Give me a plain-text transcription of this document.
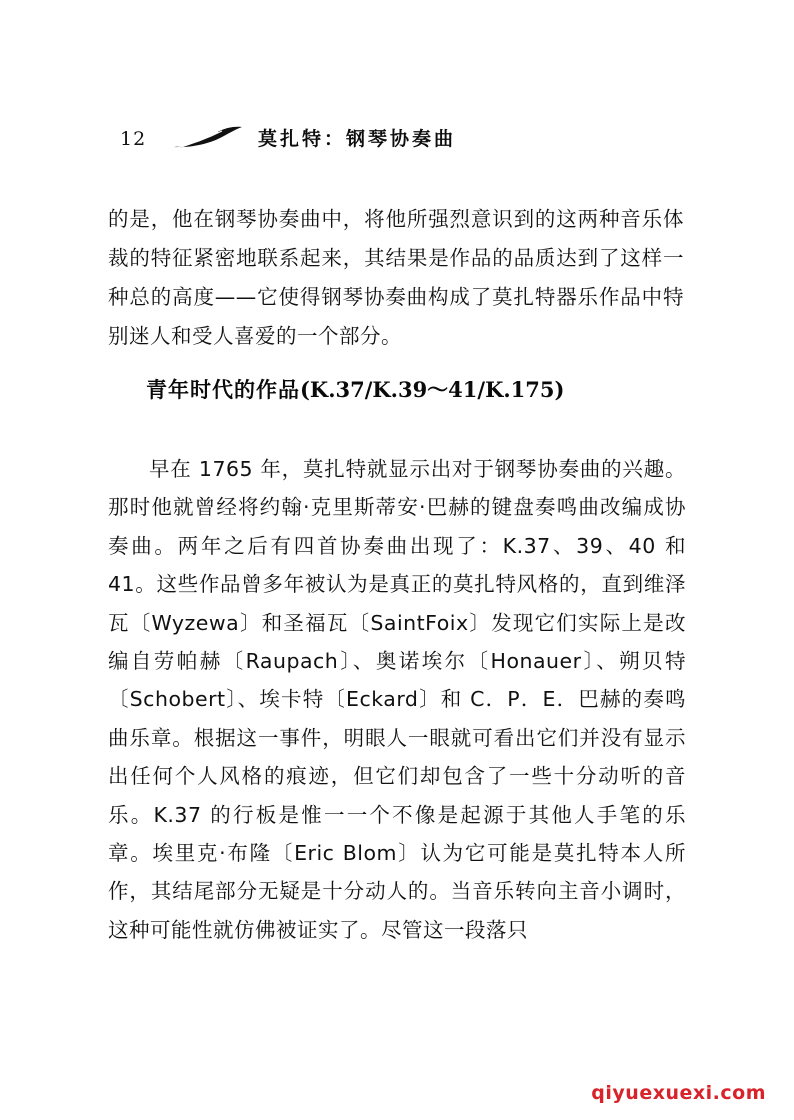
12	莫扎特：钢琴协奏曲

的是，他在钢琴协奏曲中，将他所强烈意识到的这两种音乐体裁的特征紧密地联系起来，其结果是作品的品质达到了这样一种总的高度——它使得钢琴协奏曲构成了莫扎特器乐作品中特别迷人和受人喜爱的一个部分。

青年时代的作品(K.37/K.39～41/K.175)

早在 1765 年，莫扎特就显示出对于钢琴协奏曲的兴趣。那时他就曾经将约翰·克里斯蒂安·巴赫的键盘奏鸣曲改编成协奏曲。两年之后有四首协奏曲出现了：K.37、39、40 和 41。这些作品曾多年被认为是真正的莫扎特风格的，直到维泽瓦〔Wyzewa〕和圣福瓦〔SaintFoix〕发现它们实际上是改编自劳帕赫〔Raupach〕、奥诺埃尔〔Honauer〕、朔贝特〔Schobert〕、埃卡特〔Eckard〕和 C．P．E．巴赫的奏鸣曲乐章。根据这一事件，明眼人一眼就可看出它们并没有显示出任何个人风格的痕迹，但它们却包含了一些十分动听的音乐。K.37 的行板是惟一一个不像是起源于其他人手笔的乐章。埃里克·布隆〔Eric Blom〕认为它可能是莫扎特本人所作，其结尾部分无疑是十分动人的。当音乐转向主音小调时，这种可能性就仿佛被证实了。尽管这一段落只

qiyuexuexi.com
